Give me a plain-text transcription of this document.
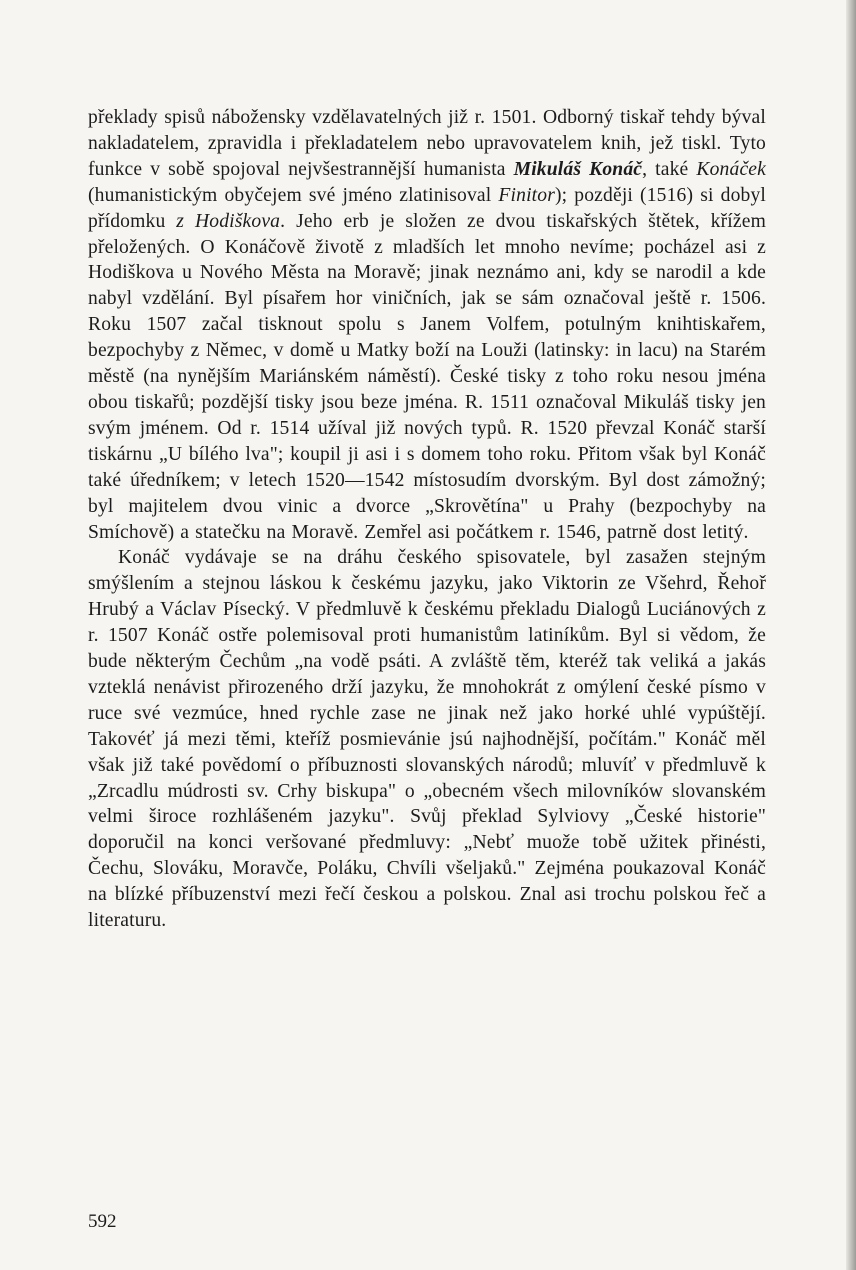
překlady spisů nábožensky vzdělavatelných již r. 1501. Odborný tiskař tehdy býval nakladatelem, zpravidla i překladatelem nebo upravovatelem knih, jež tiskl. Tyto funkce v sobě spojoval nejvšestrannější humanista Mikuláš Konáč, také Konáček (humanistickým obyčejem své jméno zlatinisoval Finitor); později (1516) si dobyl přídomku z Hodiškova. Jeho erb je složen ze dvou tiskařských štětek, křížem přeložených. O Konáčově životě z mladších let mnoho nevíme; pocházel asi z Hodiškova u Nového Města na Moravě; jinak neznámo ani, kdy se narodil a kde nabyl vzdělání. Byl písařem hor viničních, jak se sám označoval ještě r. 1506. Roku 1507 začal tisknout spolu s Janem Volfem, potulným knihtiskařem, bezpochyby z Němec, v domě u Matky boží na Louži (latinsky: in lacu) na Starém městě (na nynějším Mariánském náměstí). České tisky z toho roku nesou jména obou tiskařů; pozdější tisky jsou beze jména. R. 1511 označoval Mikuláš tisky jen svým jménem. Od r. 1514 užíval již nových typů. R. 1520 převzal Konáč starší tiskárnu „U bílého lva"; koupil ji asi i s domem toho roku. Přitom však byl Konáč také úředníkem; v letech 1520—1542 místosudím dvorským. Byl dost zámožný; byl majitelem dvou vinic a dvorce „Skrovětína" u Prahy (bezpochyby na Smíchově) a statečku na Moravě. Zemřel asi počátkem r. 1546, patrně dost letitý.

Konáč vydávaje se na dráhu českého spisovatele, byl zasažen stejným smýšlením a stejnou láskou k českému jazyku, jako Viktorin ze Všehrd, Řehoř Hrubý a Václav Písecký. V předmluvě k českému překladu Dialogů Luciánových z r. 1507 Konáč ostře polemisoval proti humanistům latiníkům. Byl si vědom, že bude některým Čechům „na vodě psáti. A zvláště těm, kteréž tak veliká a jakás vzteklá nenávist přirozeného drží jazyku, že mnohokrát z omýlení české písmo v ruce své vezmúce, hned rychle zase ne jinak než jako horké uhlé vypúštějí. Takovéť já mezi těmi, kteříž posmievánie jsú najhodnější, počítám." Konáč měl však již také povědomí o příbuznosti slovanských národů; mluvíť v předmluvě k „Zrcadlu múdrosti sv. Crhy biskupa" o „obecném všech milovníków slovanském velmi široce rozhlášeném jazyku". Svůj překlad Sylviovy „České historie" doporučil na konci veršované předmluvy: „Nebť muože tobě užitek přinésti, Čechu, Slováku, Moravče, Poláku, Chvíli všeljaků." Zejména poukazoval Konáč na blízké příbuzenství mezi řečí českou a polskou. Znal asi trochu polskou řeč a literaturu.

592
